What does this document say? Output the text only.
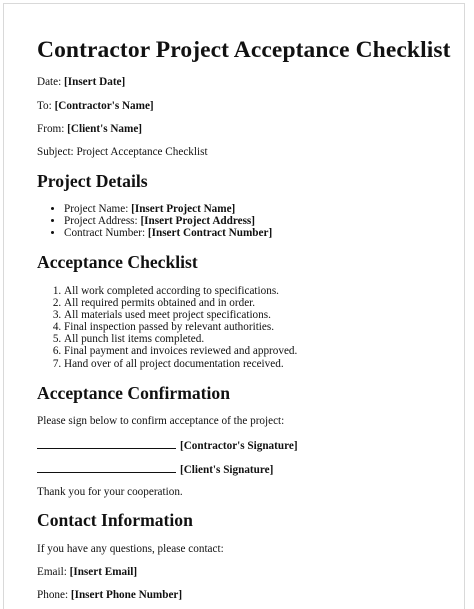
Contractor Project Acceptance Checklist
Date: [Insert Date]
To: [Contractor's Name]
From: [Client's Name]
Subject: Project Acceptance Checklist
Project Details
• Project Name: [Insert Project Name]
• Project Address: [Insert Project Address]
• Contract Number: [Insert Contract Number]
Acceptance Checklist
1. All work completed according to specifications.
2. All required permits obtained and in order.
3. All materials used meet project specifications.
4. Final inspection passed by relevant authorities.
5. All punch list items completed.
6. Final payment and invoices reviewed and approved.
7. Hand over of all project documentation received.
Acceptance Confirmation
Please sign below to confirm acceptance of the project:
[Contractor's Signature]
[Client's Signature]
Thank you for your cooperation.
Contact Information
If you have any questions, please contact:
Email: [Insert Email]
Phone: [Insert Phone Number]
